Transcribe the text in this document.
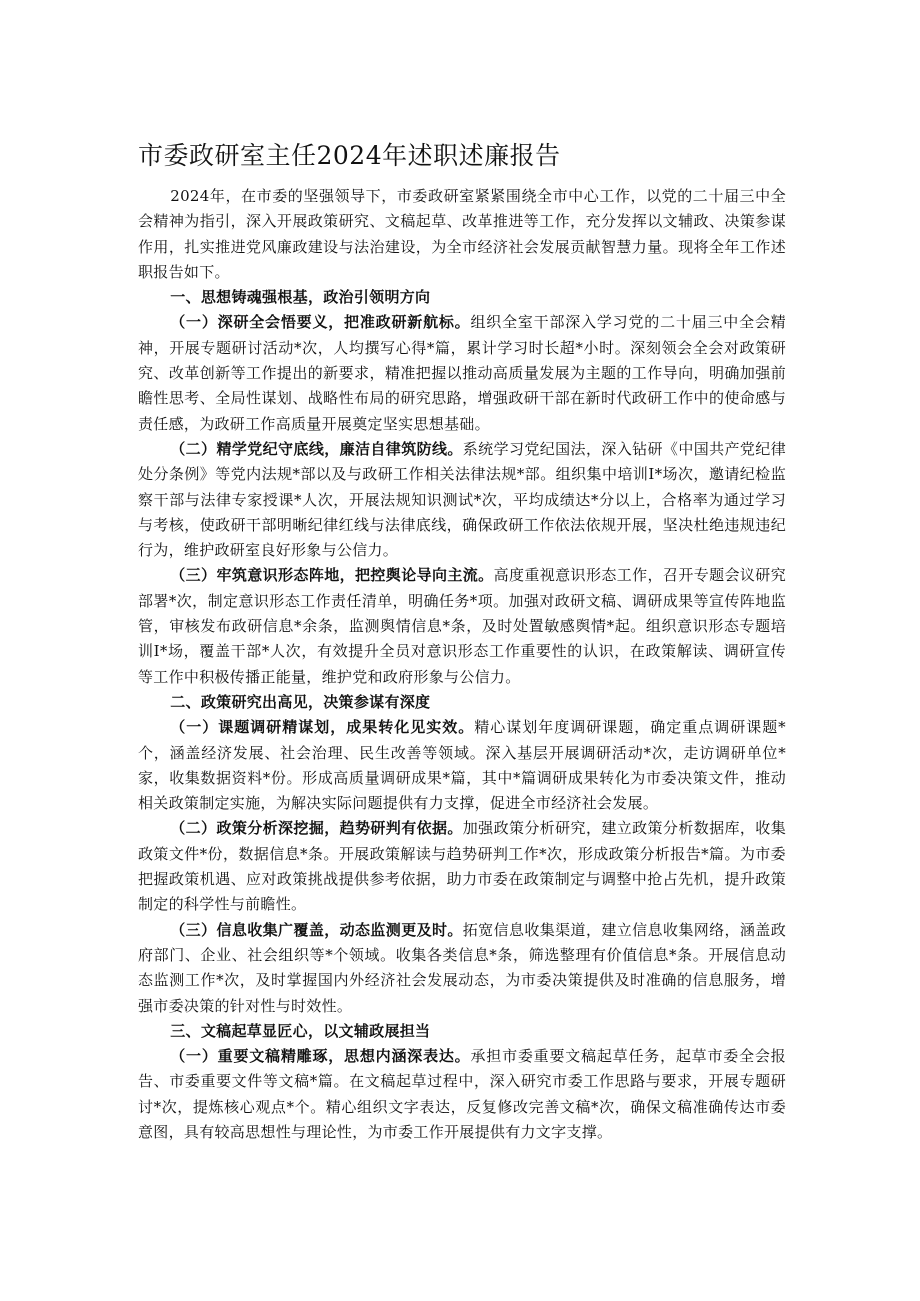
市委政研室主任2024年述职述廉报告

2024年，在市委的坚强领导下，市委政研室紧紧围绕全市中心工作，以党的二十届三中全会精神为指引，深入开展政策研究、文稿起草、改革推进等工作，充分发挥以文辅政、决策参谋作用，扎实推进党风廉政建设与法治建设，为全市经济社会发展贡献智慧力量。现将全年工作述职报告如下。

一、思想铸魂强根基，政治引领明方向

（一）深研全会悟要义，把准政研新航标。组织全室干部深入学习党的二十届三中全会精神，开展专题研讨活动*次，人均撰写心得*篇，累计学习时长超*小时。深刻领会全会对政策研究、改革创新等工作提出的新要求，精准把握以推动高质量发展为主题的工作导向，明确加强前瞻性思考、全局性谋划、战略性布局的研究思路，增强政研干部在新时代政研工作中的使命感与责任感，为政研工作高质量开展奠定坚实思想基础。

（二）精学党纪守底线，廉洁自律筑防线。系统学习党纪国法，深入钻研《中国共产党纪律处分条例》等党内法规*部以及与政研工作相关法律法规*部。组织集中培训I*场次，邀请纪检监察干部与法律专家授课*人次，开展法规知识测试*次，平均成绩达*分以上，合格率为通过学习与考核，使政研干部明晰纪律红线与法律底线，确保政研工作依法依规开展，坚决杜绝违规违纪行为，维护政研室良好形象与公信力。

（三）牢筑意识形态阵地，把控舆论导向主流。高度重视意识形态工作，召开专题会议研究部署*次，制定意识形态工作责任清单，明确任务*项。加强对政研文稿、调研成果等宣传阵地监管，审核发布政研信息*余条，监测舆情信息*条，及时处置敏感舆情*起。组织意识形态专题培训I*场，覆盖干部*人次，有效提升全员对意识形态工作重要性的认识，在政策解读、调研宣传等工作中积极传播正能量，维护党和政府形象与公信力。

二、政策研究出高见，决策参谋有深度

（一）课题调研精谋划，成果转化见实效。精心谋划年度调研课题，确定重点调研课题*个，涵盖经济发展、社会治理、民生改善等领域。深入基层开展调研活动*次，走访调研单位*家，收集数据资料*份。形成高质量调研成果*篇，其中*篇调研成果转化为市委决策文件，推动相关政策制定实施，为解决实际问题提供有力支撑，促进全市经济社会发展。

（二）政策分析深挖掘，趋势研判有依据。加强政策分析研究，建立政策分析数据库，收集政策文件*份，数据信息*条。开展政策解读与趋势研判工作*次，形成政策分析报告*篇。为市委把握政策机遇、应对政策挑战提供参考依据，助力市委在政策制定与调整中抢占先机，提升政策制定的科学性与前瞻性。

（三）信息收集广覆盖，动态监测更及时。拓宽信息收集渠道，建立信息收集网络，涵盖政府部门、企业、社会组织等*个领域。收集各类信息*条，筛选整理有价值信息*条。开展信息动态监测工作*次，及时掌握国内外经济社会发展动态，为市委决策提供及时准确的信息服务，增强市委决策的针对性与时效性。

三、文稿起草显匠心，以文辅政展担当

（一）重要文稿精雕琢，思想内涵深表达。承担市委重要文稿起草任务，起草市委全会报告、市委重要文件等文稿*篇。在文稿起草过程中，深入研究市委工作思路与要求，开展专题研讨*次，提炼核心观点*个。精心组织文字表达，反复修改完善文稿*次，确保文稿准确传达市委意图，具有较高思想性与理论性，为市委工作开展提供有力文字支撑。
